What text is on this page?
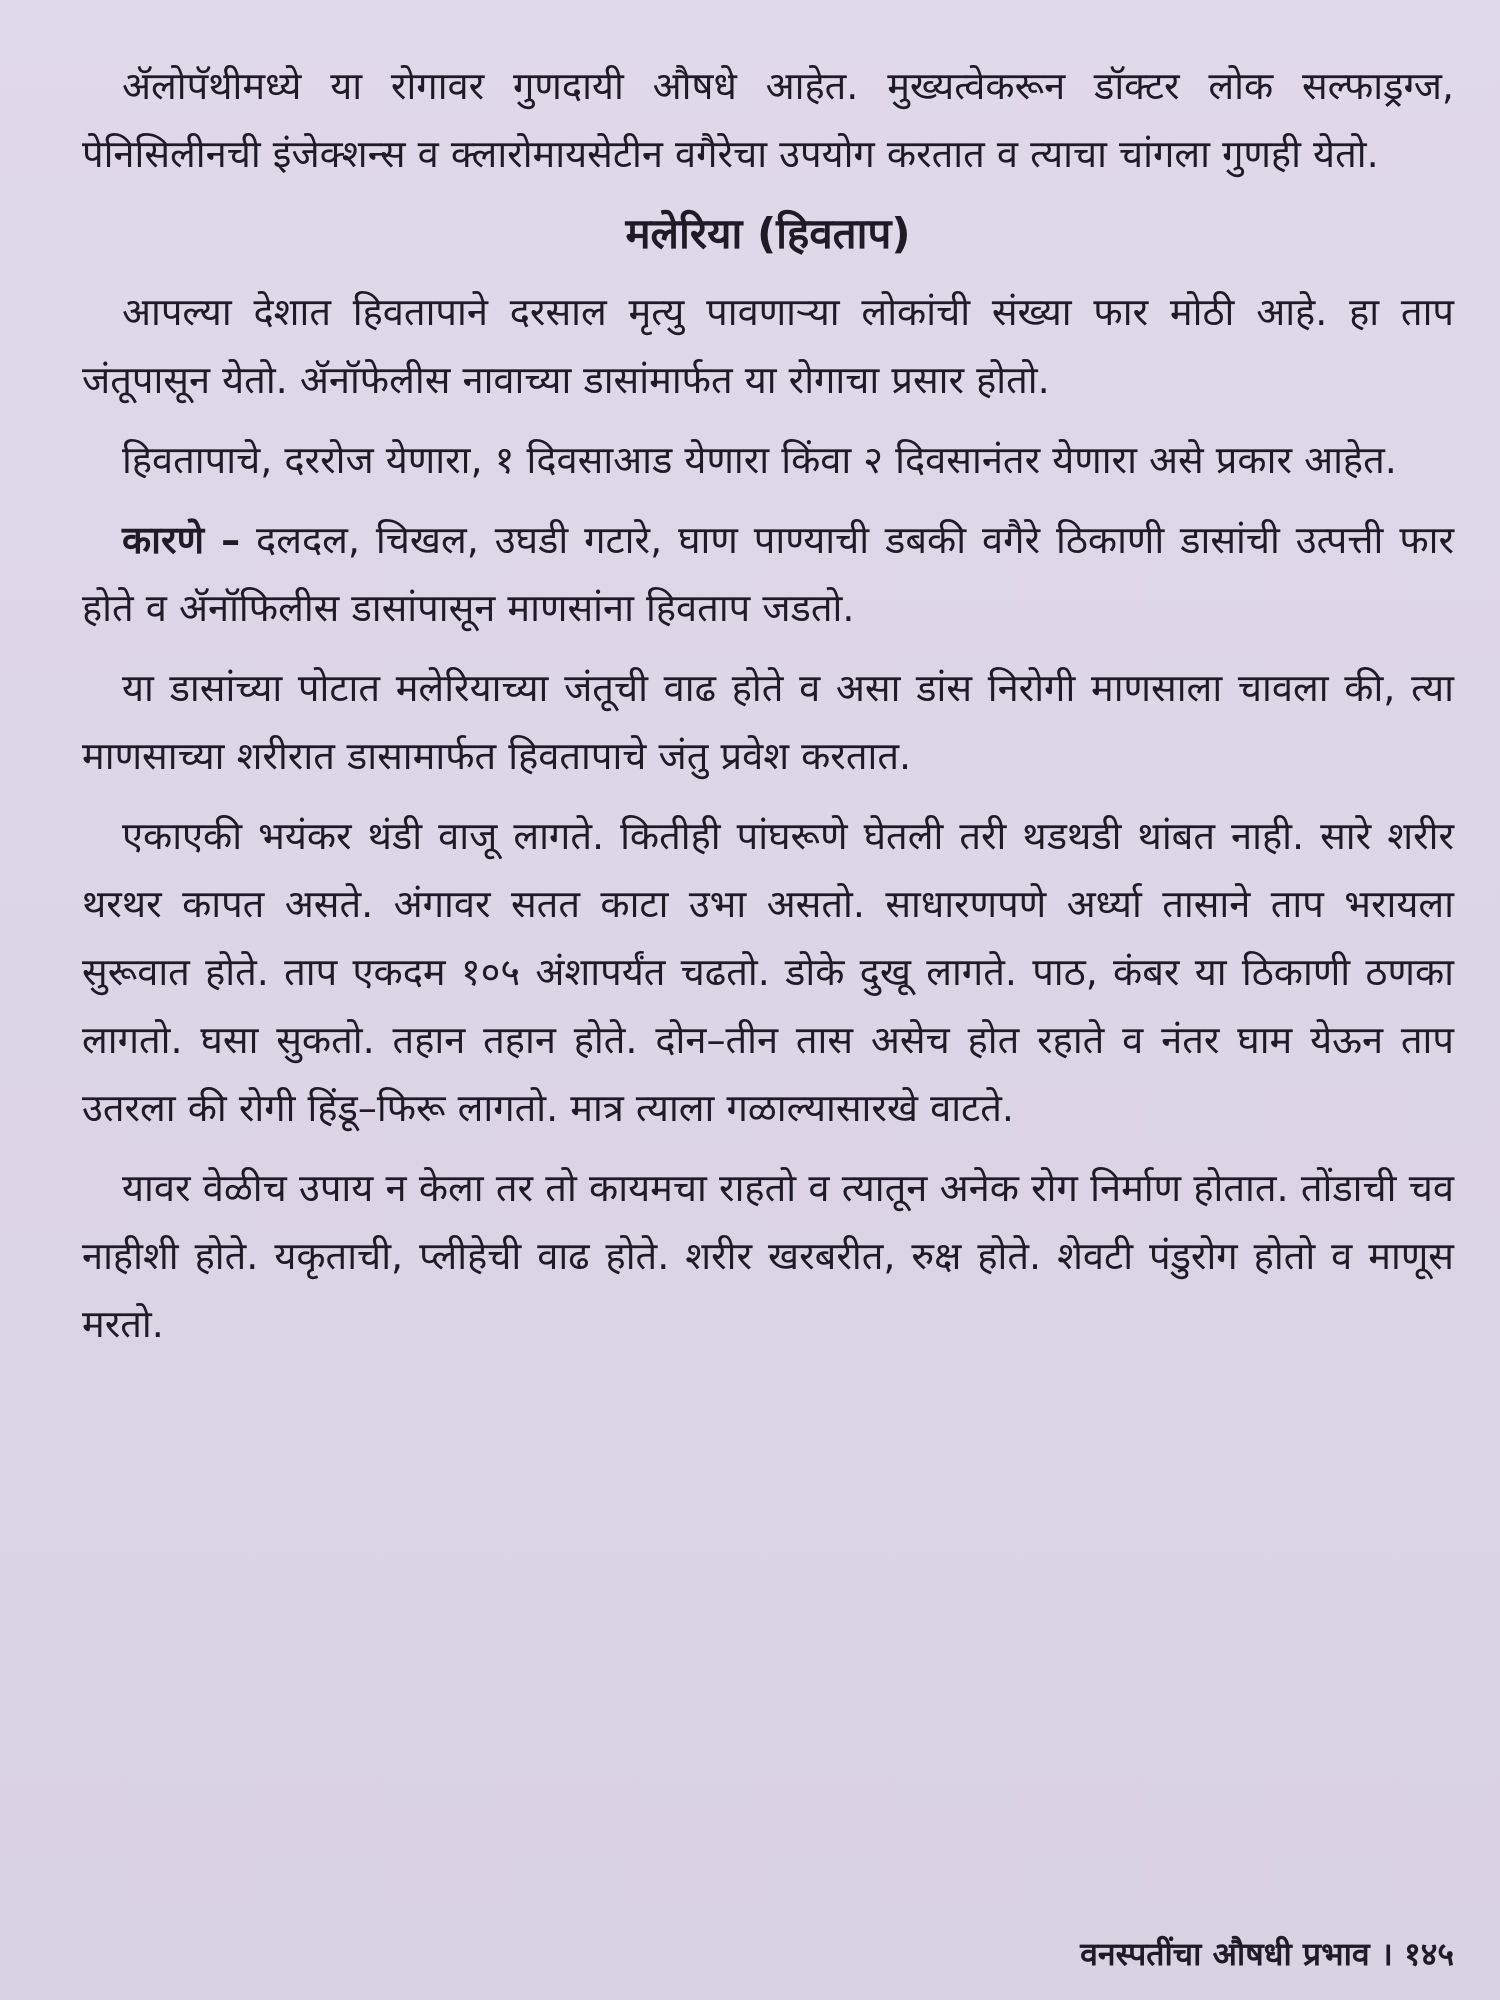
ॲलोपॅथीमध्ये या रोगावर गुणदायी औषधे आहेत. मुख्यत्वेकरून डॉक्टर लोक सल्फाड्रग्ज, पेनिसिलीनची इंजेक्शन्स व क्लारोमायसेटीन वगैरेचा उपयोग करतात व त्याचा चांगला गुणही येतो.

मलेरिया (हिवताप)

आपल्या देशात हिवतापाने दरसाल मृत्यु पावणाऱ्या लोकांची संख्या फार मोठी आहे. हा ताप जंतूपासून येतो. ॲनॉफेलीस नावाच्या डासांमार्फत या रोगाचा प्रसार होतो.

हिवतापाचे, दररोज येणारा, १ दिवसाआड येणारा किंवा २ दिवसानंतर येणारा असे प्रकार आहेत.

कारणे – दलदल, चिखल, उघडी गटारे, घाण पाण्याची डबकी वगैरे ठिकाणी डासांची उत्पत्ती फार होते व ॲनॉफिलीस डासांपासून माणसांना हिवताप जडतो.

या डासांच्या पोटात मलेरियाच्या जंतूची वाढ होते व असा डांस निरोगी माणसाला चावला की, त्या माणसाच्या शरीरात डासामार्फत हिवतापाचे जंतु प्रवेश करतात.

एकाएकी भयंकर थंडी वाजू लागते. कितीही पांघरूणे घेतली तरी थडथडी थांबत नाही. सारे शरीर थरथर कापत असते. अंगावर सतत काटा उभा असतो. साधारणपणे अर्ध्या तासाने ताप भरायला सुरूवात होते. ताप एकदम १०५ अंशापर्यंत चढतो. डोके दुखू लागते. पाठ, कंबर या ठिकाणी ठणका लागतो. घसा सुकतो. तहान तहान होते. दोन–तीन तास असेच होत रहाते व नंतर घाम येऊन ताप उतरला की रोगी हिंडू–फिरू लागतो. मात्र त्याला गळाल्यासारखे वाटते.

यावर वेळीच उपाय न केला तर तो कायमचा राहतो व त्यातून अनेक रोग निर्माण होतात. तोंडाची चव नाहीशी होते. यकृताची, प्लीहेची वाढ होते. शरीर खरबरीत, रुक्ष होते. शेवटी पंडुरोग होतो व माणूस मरतो.

वनस्पतींचा औषधी प्रभाव । १४५
